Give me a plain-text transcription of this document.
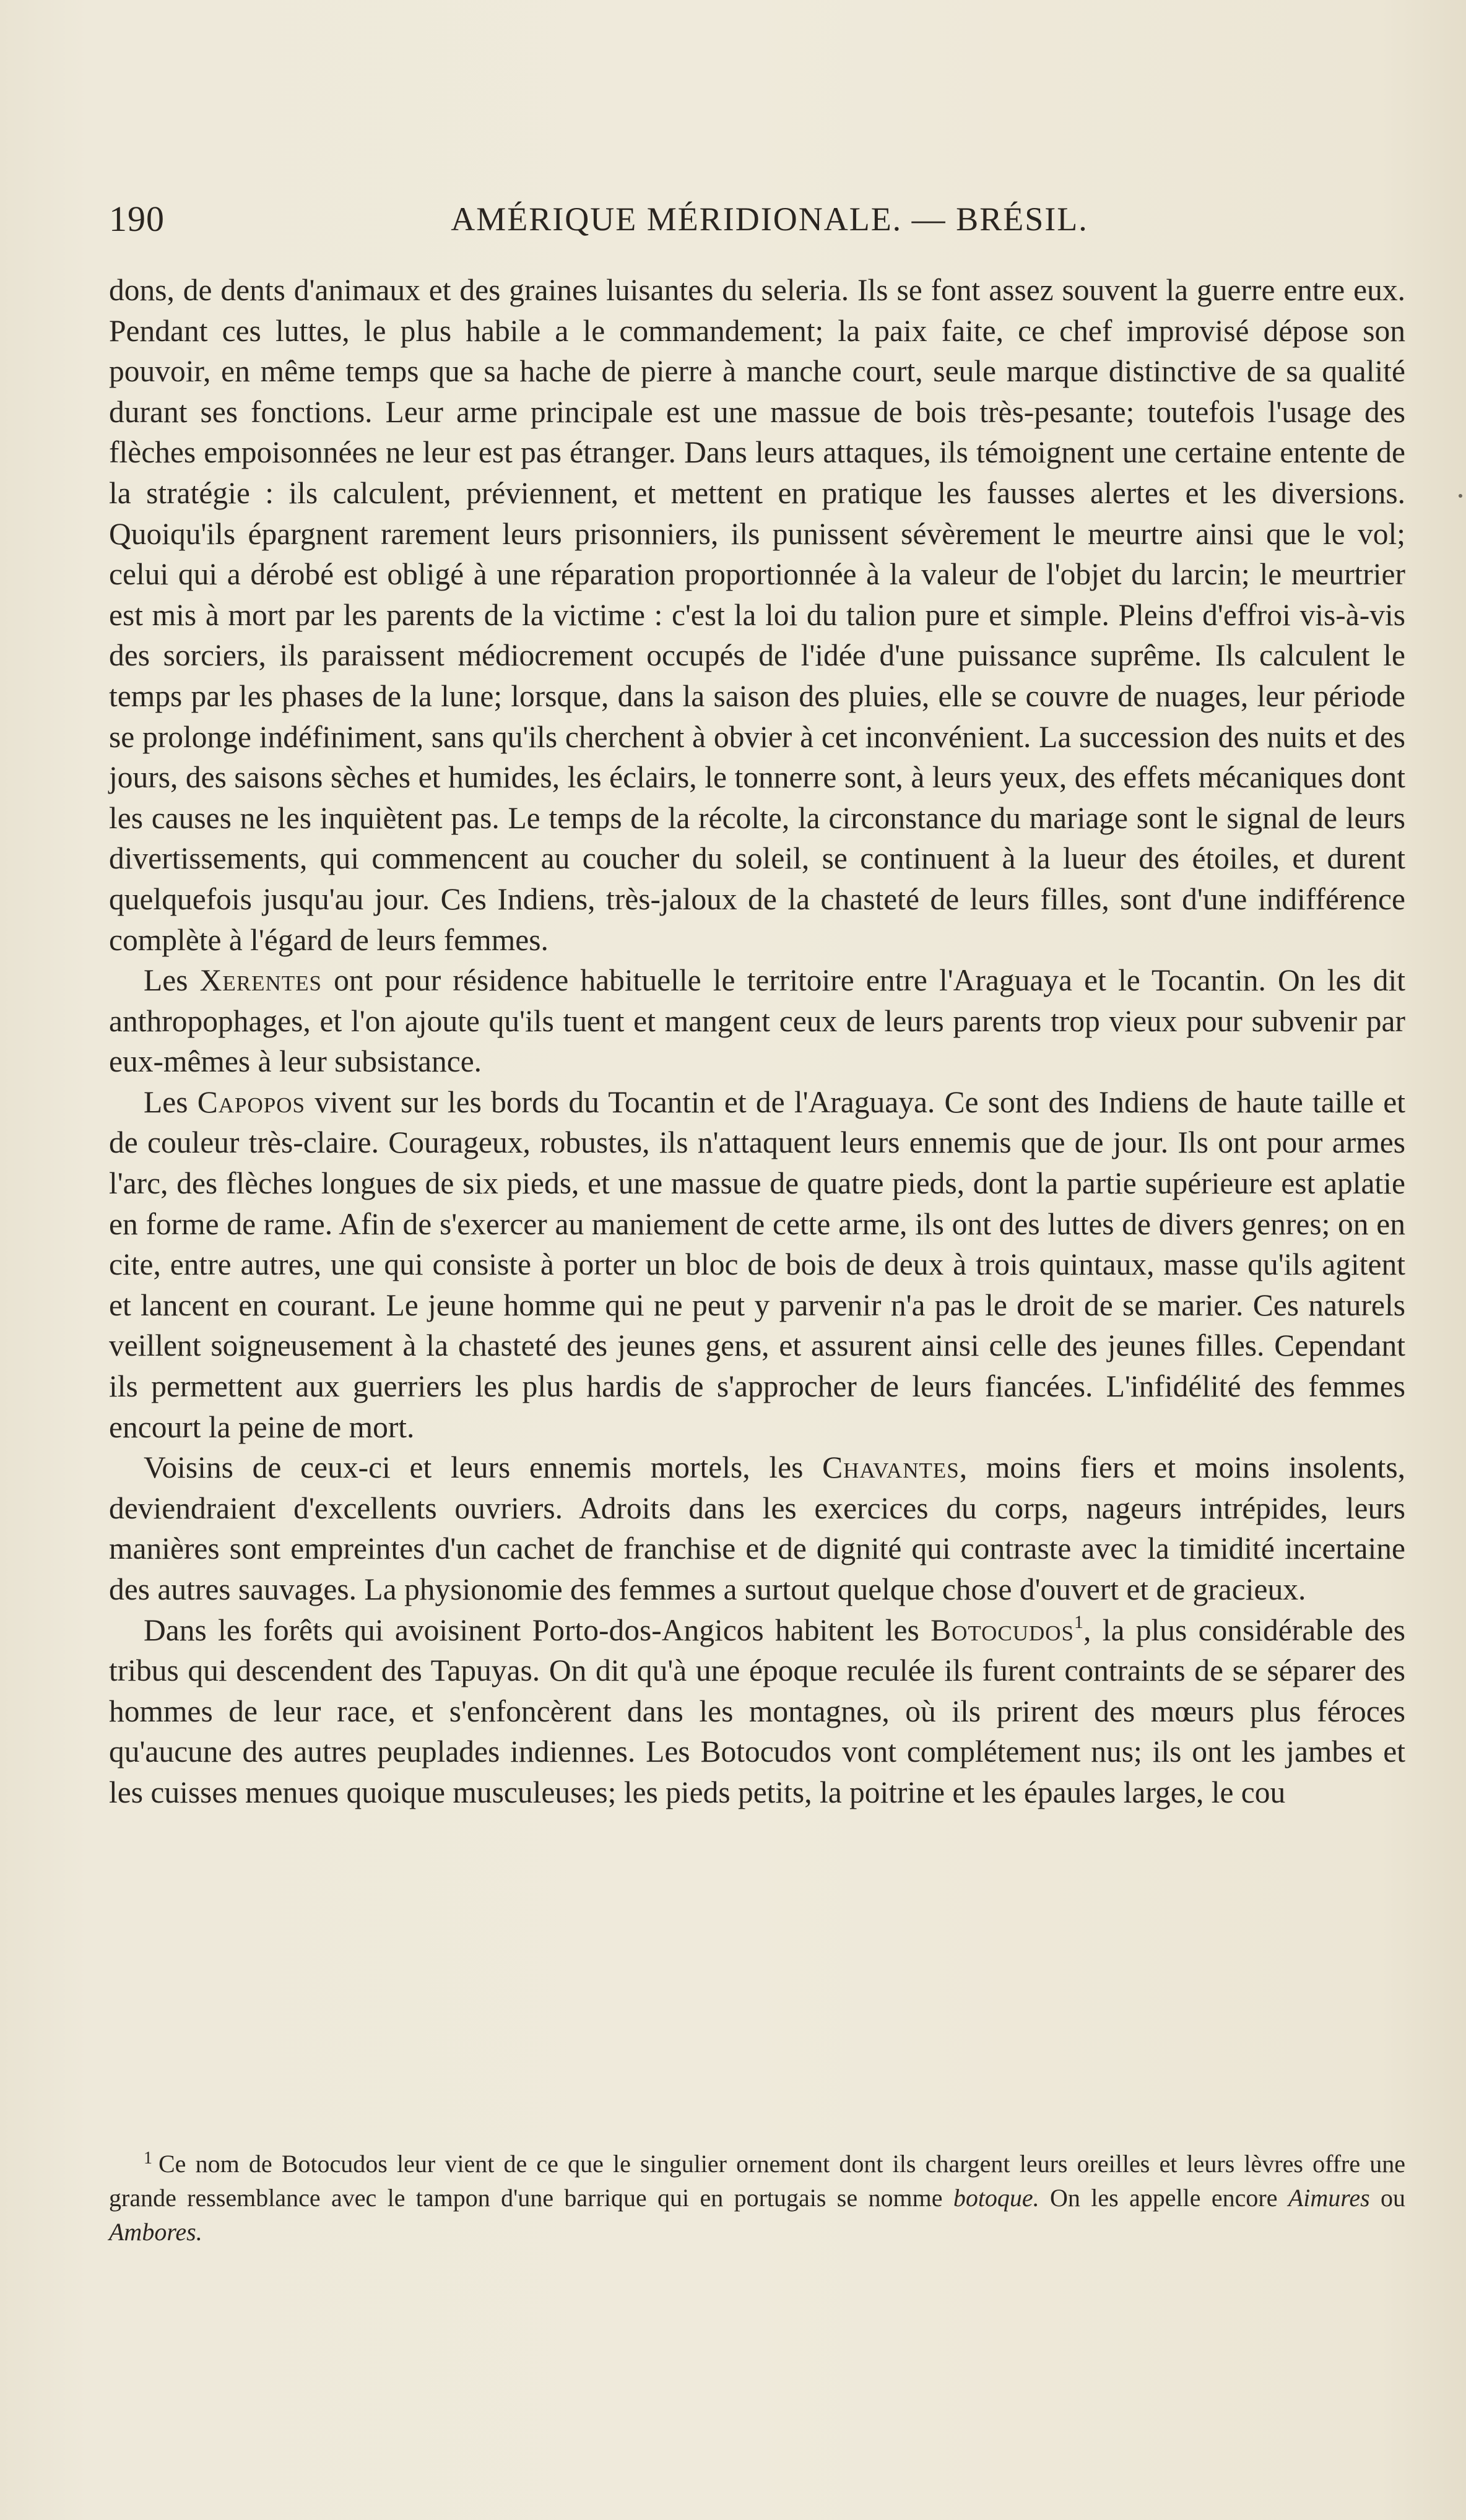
190	AMÉRIQUE MÉRIDIONALE. — BRÉSIL.

dons, de dents d'animaux et des graines luisantes du seleria. Ils se font assez souvent la guerre entre eux. Pendant ces luttes, le plus habile a le commandement; la paix faite, ce chef improvisé dépose son pouvoir, en même temps que sa hache de pierre à manche court, seule marque distinctive de sa qualité durant ses fonctions. Leur arme principale est une massue de bois très-pesante; toutefois l'usage des flèches empoisonnées ne leur est pas étranger. Dans leurs attaques, ils témoignent une certaine entente de la stratégie : ils calculent, préviennent, et mettent en pratique les fausses alertes et les diversions. Quoiqu'ils épargnent rarement leurs prisonniers, ils punissent sévèrement le meurtre ainsi que le vol; celui qui a dérobé est obligé à une réparation proportionnée à la valeur de l'objet du larcin; le meurtrier est mis à mort par les parents de la victime : c'est la loi du talion pure et simple. Pleins d'effroi vis-à-vis des sorciers, ils paraissent médiocrement occupés de l'idée d'une puissance suprême. Ils calculent le temps par les phases de la lune; lorsque, dans la saison des pluies, elle se couvre de nuages, leur période se prolonge indéfiniment, sans qu'ils cherchent à obvier à cet inconvénient. La succession des nuits et des jours, des saisons sèches et humides, les éclairs, le tonnerre sont, à leurs yeux, des effets mécaniques dont les causes ne les inquiètent pas. Le temps de la récolte, la circonstance du mariage sont le signal de leurs divertissements, qui commencent au coucher du soleil, se continuent à la lueur des étoiles, et durent quelquefois jusqu'au jour. Ces Indiens, très-jaloux de la chasteté de leurs filles, sont d'une indifférence complète à l'égard de leurs femmes.

Les Xerentes ont pour résidence habituelle le territoire entre l'Araguaya et le Tocantin. On les dit anthropophages, et l'on ajoute qu'ils tuent et mangent ceux de leurs parents trop vieux pour subvenir par eux-mêmes à leur subsistance.

Les Capopos vivent sur les bords du Tocantin et de l'Araguaya. Ce sont des Indiens de haute taille et de couleur très-claire. Courageux, robustes, ils n'attaquent leurs ennemis que de jour. Ils ont pour armes l'arc, des flèches longues de six pieds, et une massue de quatre pieds, dont la partie supérieure est aplatie en forme de rame. Afin de s'exercer au maniement de cette arme, ils ont des luttes de divers genres; on en cite, entre autres, une qui consiste à porter un bloc de bois de deux à trois quintaux, masse qu'ils agitent et lancent en courant. Le jeune homme qui ne peut y parvenir n'a pas le droit de se marier. Ces naturels veillent soigneusement à la chasteté des jeunes gens, et assurent ainsi celle des jeunes filles. Cependant ils permettent aux guerriers les plus hardis de s'approcher de leurs fiancées. L'infidélité des femmes encourt la peine de mort.

Voisins de ceux-ci et leurs ennemis mortels, les Chavantes, moins fiers et moins insolents, deviendraient d'excellents ouvriers. Adroits dans les exercices du corps, nageurs intrépides, leurs manières sont empreintes d'un cachet de franchise et de dignité qui contraste avec la timidité incertaine des autres sauvages. La physionomie des femmes a surtout quelque chose d'ouvert et de gracieux.

Dans les forêts qui avoisinent Porto-dos-Angicos habitent les Botocudos$^1$, la plus considérable des tribus qui descendent des Tapuyas. On dit qu'à une époque reculée ils furent contraints de se séparer des hommes de leur race, et s'enfoncèrent dans les montagnes, où ils prirent des mœurs plus féroces qu'aucune des autres peuplades indiennes. Les Botocudos vont complétement nus; ils ont les jambes et les cuisses menues quoique musculeuses; les pieds petits, la poitrine et les épaules larges, le cou

$^1$ Ce nom de Botocudos leur vient de ce que le singulier ornement dont ils chargent leurs oreilles et leurs lèvres offre une grande ressemblance avec le tampon d'une barrique qui en portugais se nomme botoque. On les appelle encore Aimures ou Ambores.
